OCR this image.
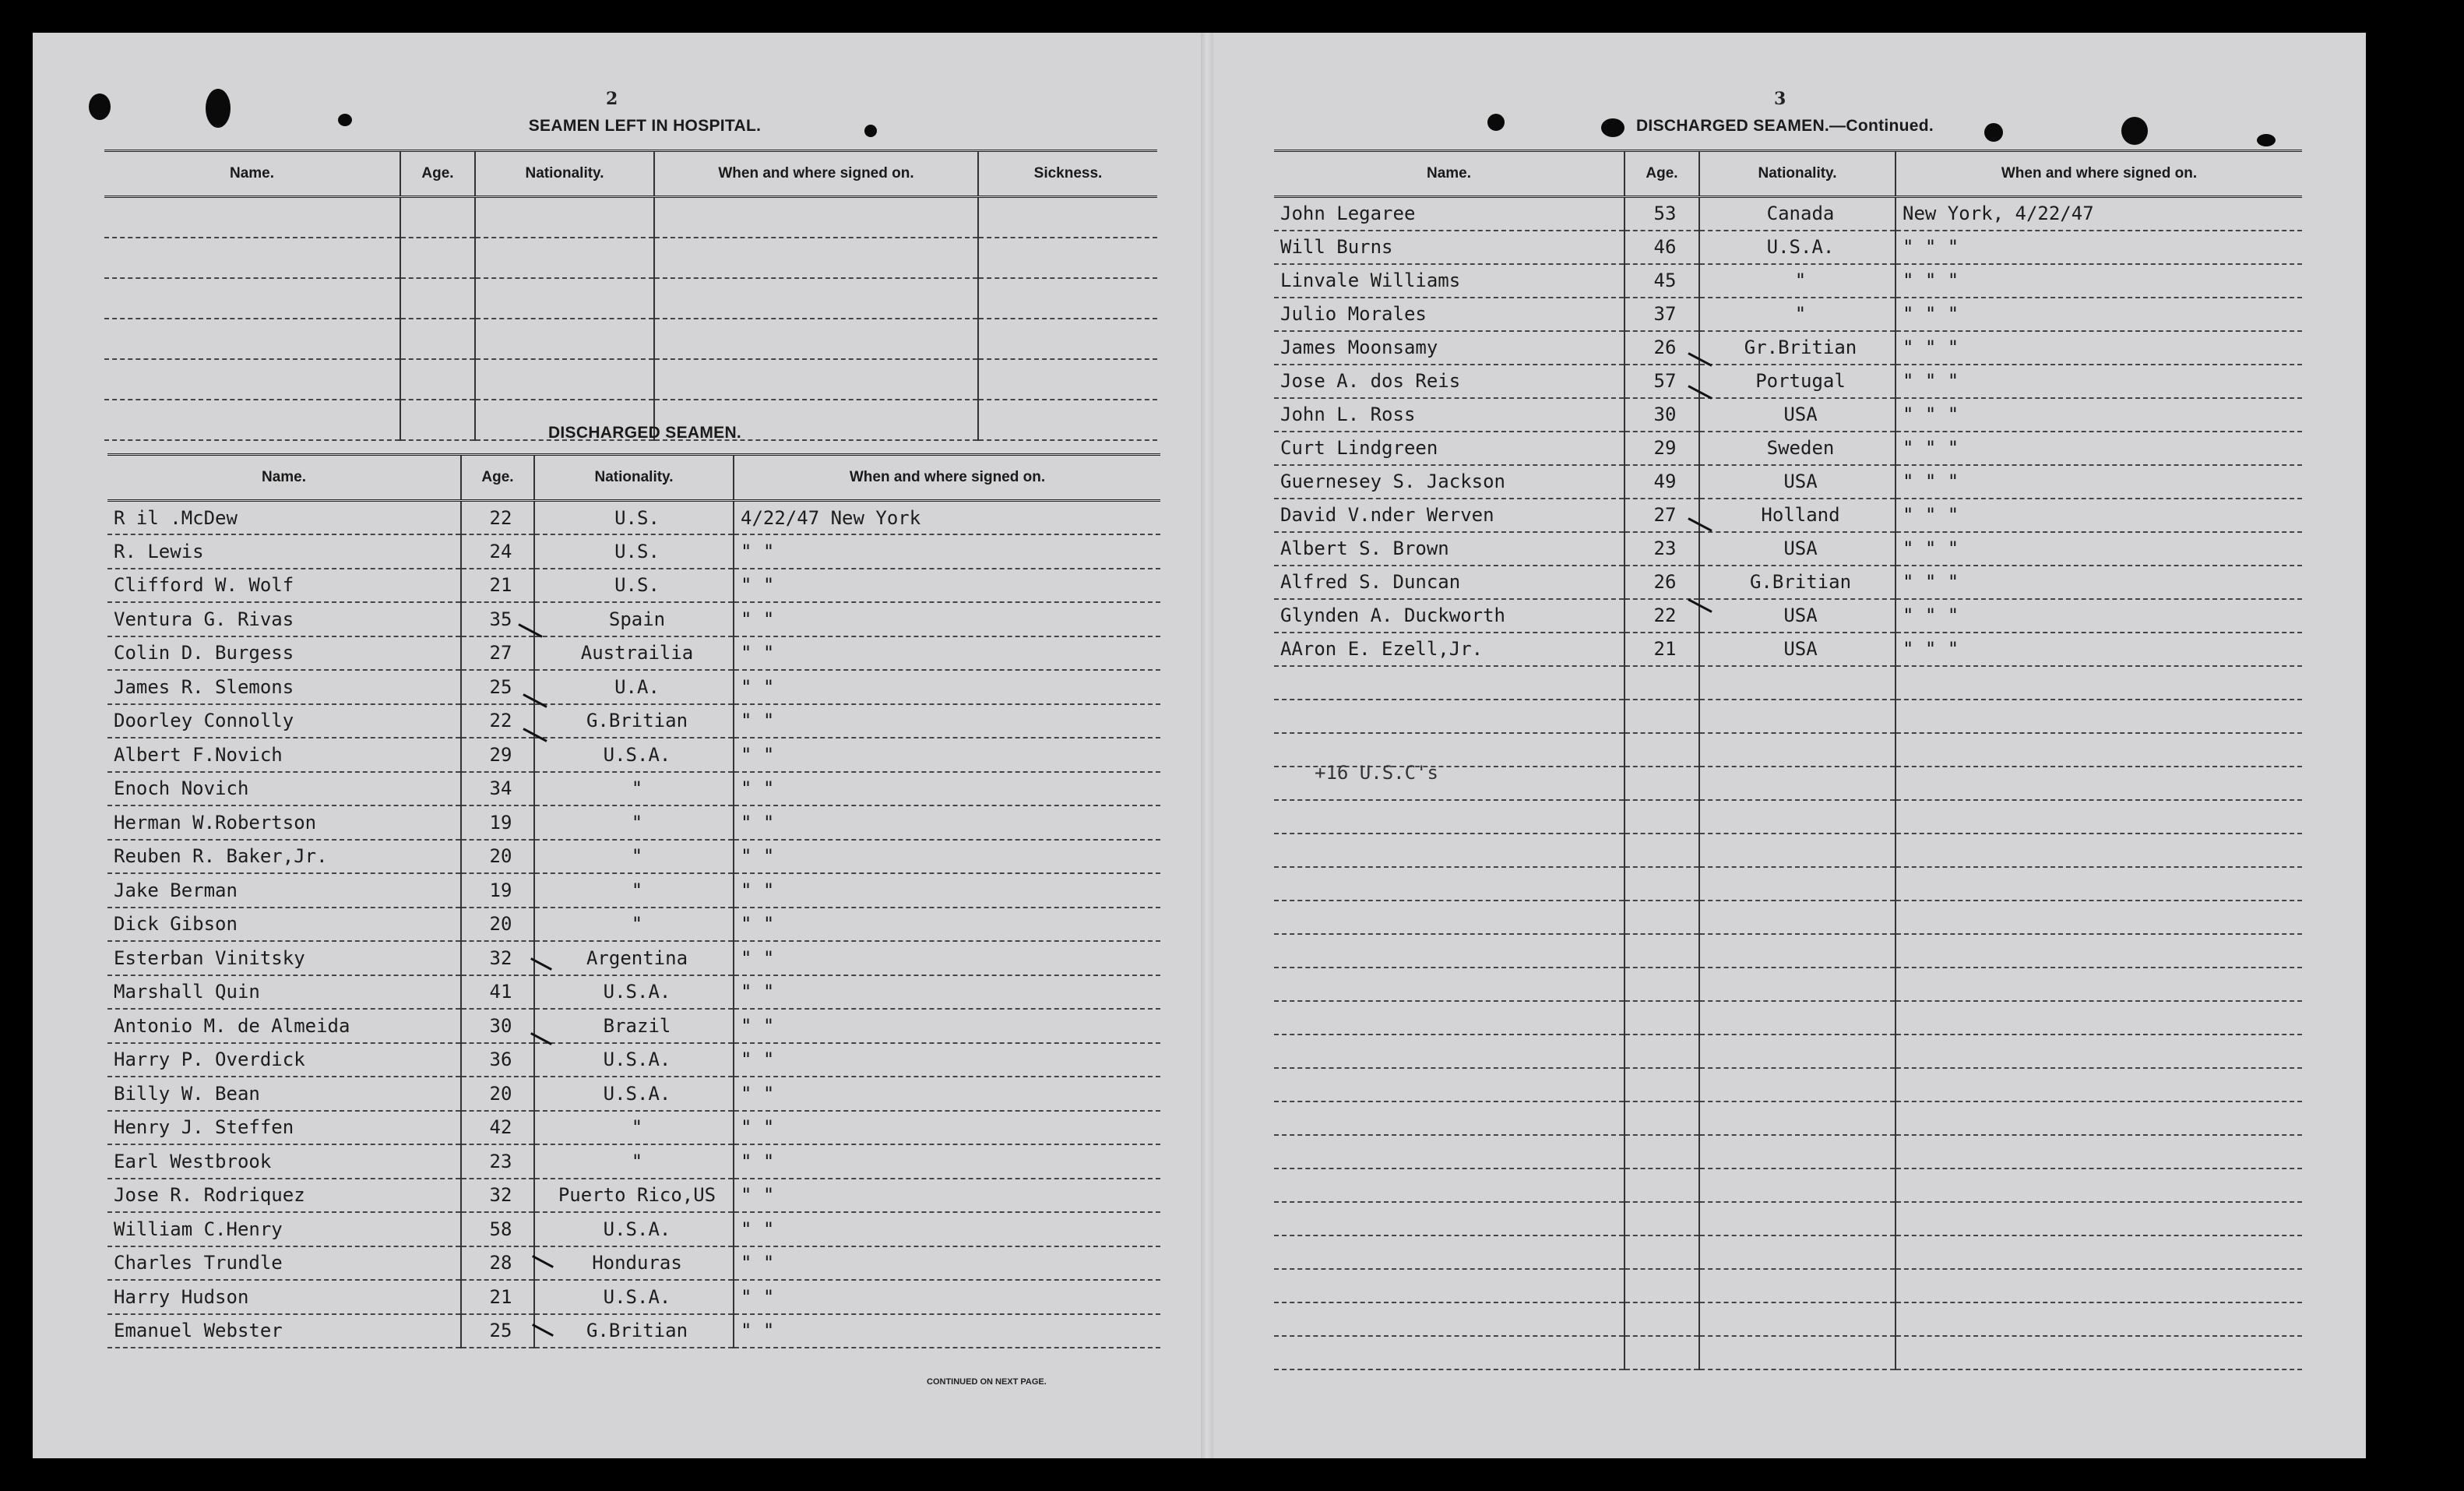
2
SEAMEN LEFT IN HOSPITAL.
Name.	Age.	Nationality.	When and where signed on.	Sickness.

DISCHARGED SEAMEN.
Name.	Age.	Nationality.	When and where signed on.
R il .McDew	22	U.S.	4/22/47 New York
R. Lewis	24	U.S.	" "
Clifford W. Wolf	21	U.S.	" "
Ventura G. Rivas	35	Spain	" "
Colin D. Burgess	27	Austrailia	" "
James R. Slemons	25	U.A.	" "
Doorley Connolly	22	G.Britian	" "
Albert F.Novich	29	U.S.A.	" "
Enoch Novich	34	"	" "
Herman W.Robertson	19	"	" "
Reuben R. Baker,Jr.	20	"	" "
Jake Berman	19	"	" "
Dick Gibson	20	"	" "
Esterban Vinitsky	32	Argentina	" "
Marshall Quin	41	U.S.A.	" "
Antonio M. de Almeida	30	Brazil	" "
Harry P. Overdick	36	U.S.A.	" "
Billy W. Bean	20	U.S.A.	" "
Henry J. Steffen	42	"	" "
Earl Westbrook	23	"	" "
Jose R. Rodriquez	32	Puerto Rico,US	" "
William C.Henry	58	U.S.A.	" "
Charles Trundle	28	Honduras	" "
Harry Hudson	21	U.S.A.	" "
Emanuel Webster	25	G.Britian	" "
CONTINUED ON NEXT PAGE.
3
DISCHARGED SEAMEN.—Continued.
Name.	Age.	Nationality.	When and where signed on.
John Legaree	53	Canada	New York, 4/22/47
Will Burns	46	U.S.A.	" " "
Linvale Williams	45	"	" " "
Julio Morales	37	"	" " "
James Moonsamy	26	Gr.Britian	" " "
Jose A. dos Reis	57	Portugal	" " "
John L. Ross	30	USA	" " "
Curt Lindgreen	29	Sweden	" " "
Guernesey S. Jackson	49	USA	" " "
David V.nder Werven	27	Holland	" " "
Albert S. Brown	23	USA	" " "
Alfred S. Duncan	26	G.Britian	" " "
Glynden A. Duckworth	22	USA	" " "
AAron E. Ezell,Jr.	21	USA	" " "

+16 U.S.C's
